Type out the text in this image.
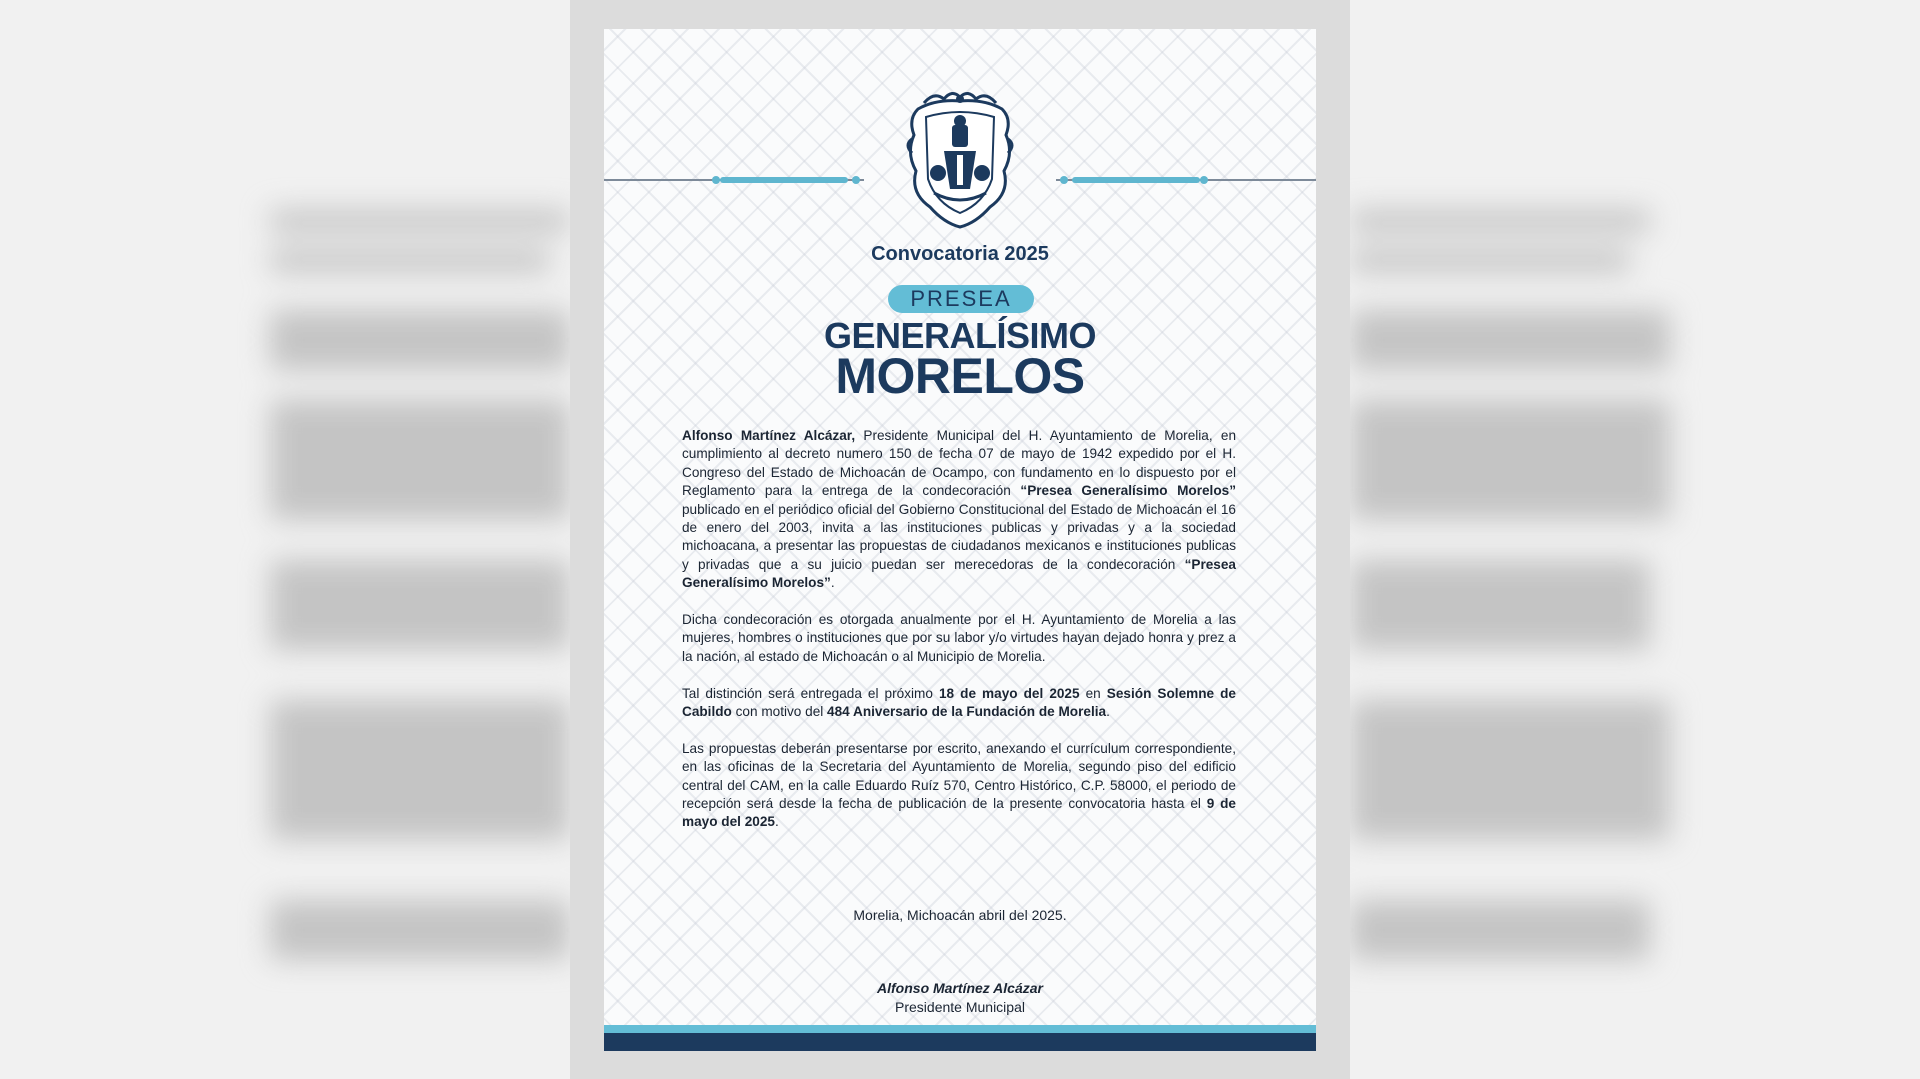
Convocatoria 2025
PRESEA
GENERALÍSIMO
MORELOS

Alfonso Martínez Alcázar, Presidente Municipal del H. Ayuntamiento de Morelia, en cumplimiento al decreto numero 150 de fecha 07 de mayo de 1942 expedido por el H. Congreso del Estado de Michoacán de Ocampo, con fundamento en lo dispuesto por el Reglamento para la entrega de la condecoración “Presea Generalísimo Morelos” publicado en el periódico oficial del Gobierno Constitucional del Estado de Michoacán el 16 de enero del 2003, invita a las instituciones publicas y privadas y a la sociedad michoacana, a presentar las propuestas de ciudadanos mexicanos e instituciones publicas y privadas que a su juicio puedan ser merecedoras de la condecoración “Presea Generalísimo Morelos”.

Dicha condecoración es otorgada anualmente por el H. Ayuntamiento de Morelia a las mujeres, hombres o instituciones que por su labor y/o virtudes hayan dejado honra y prez a la nación, al estado de Michoacán o al Municipio de Morelia.

Tal distinción será entregada el próximo 18 de mayo del 2025 en Sesión Solemne de Cabildo con motivo del 484 Aniversario de la Fundación de Morelia.

Las propuestas deberán presentarse por escrito, anexando el currículum correspondiente, en las oficinas de la Secretaria del Ayuntamiento de Morelia, segundo piso del edificio central del CAM, en la calle Eduardo Ruíz 570, Centro Histórico, C.P. 58000, el periodo de recepción será desde la fecha de publicación de la presente convocatoria hasta el 9 de mayo del 2025.

Morelia, Michoacán abril del 2025.
Alfonso Martínez Alcázar
Presidente Municipal
